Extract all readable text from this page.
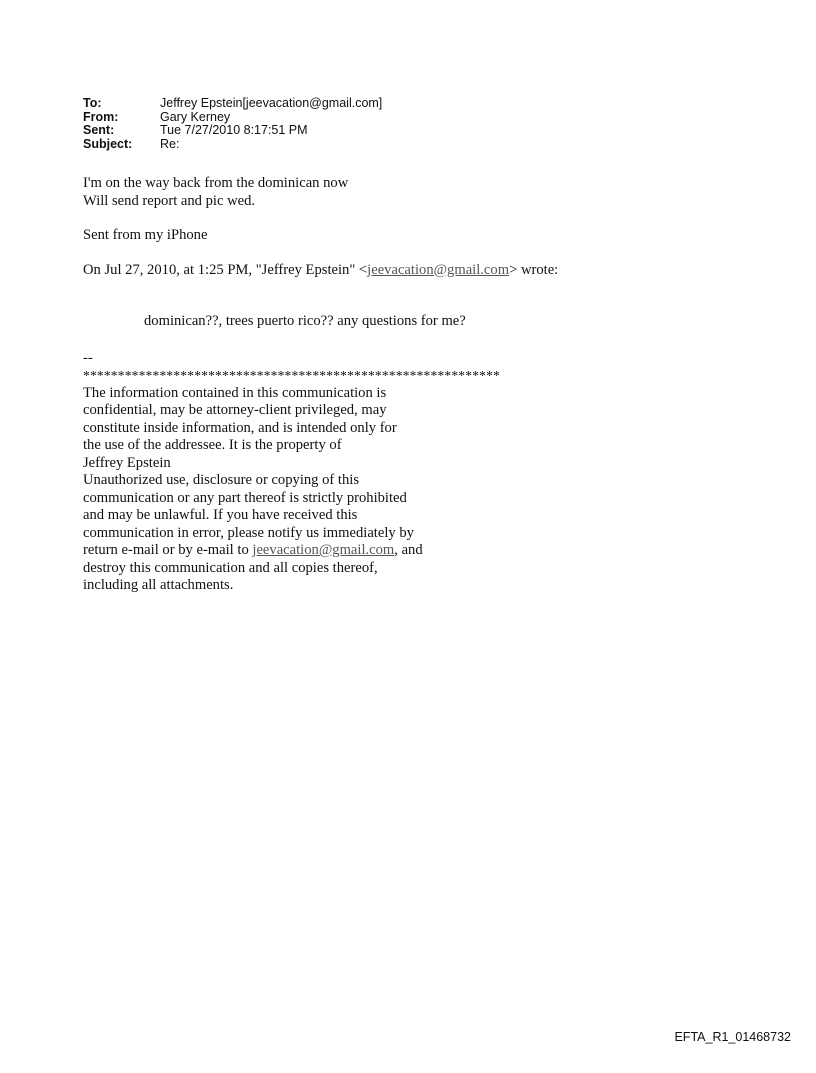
To:	Jeffrey Epstein[jeevacation@gmail.com]
From:	Gary Kerney
Sent:	Tue 7/27/2010 8:17:51 PM
Subject:	Re:
I'm on the way back from the dominican now
Will send report and pic wed.
Sent from my iPhone
On Jul 27, 2010, at 1:25 PM, "Jeffrey Epstein" <jeevacation@gmail.com> wrote:
dominican??, trees puerto rico?? any questions for me?
--
************************************************************
The information contained in this communication is
confidential, may be attorney-client privileged, may
constitute inside information, and is intended only for
the use of the addressee. It is the property of
Jeffrey Epstein
Unauthorized use, disclosure or copying of this
communication or any part thereof is strictly prohibited
and may be unlawful. If you have received this
communication in error, please notify us immediately by
return e-mail or by e-mail to jeevacation@gmail.com, and
destroy this communication and all copies thereof,
including all attachments.
EFTA_R1_01468732
